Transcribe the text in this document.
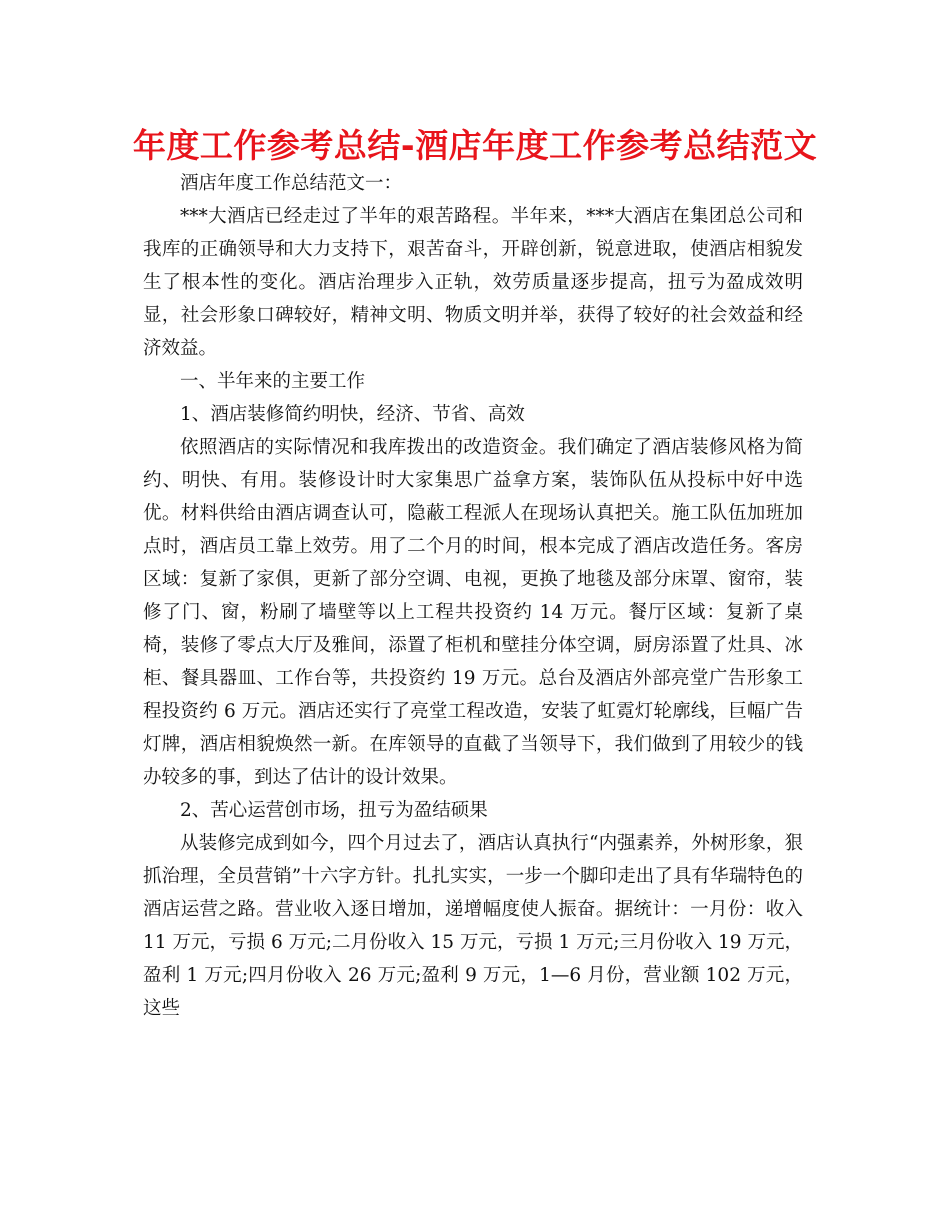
年度工作参考总结-酒店年度工作参考总结范文

酒店年度工作总结范文一：

***大酒店已经走过了半年的艰苦路程。半年来，***大酒店在集团总公司和我库的正确领导和大力支持下，艰苦奋斗，开辟创新，锐意进取，使酒店相貌发生了根本性的变化。酒店治理步入正轨，效劳质量逐步提高，扭亏为盈成效明显，社会形象口碑较好，精神文明、物质文明并举，获得了较好的社会效益和经济效益。

一、半年来的主要工作

1、酒店装修简约明快，经济、节省、高效

依照酒店的实际情况和我库拨出的改造资金。我们确定了酒店装修风格为简约、明快、有用。装修设计时大家集思广益拿方案，装饰队伍从投标中好中选优。材料供给由酒店调查认可，隐蔽工程派人在现场认真把关。施工队伍加班加点时，酒店员工靠上效劳。用了二个月的时间，根本完成了酒店改造任务。客房区域：复新了家俱，更新了部分空调、电视，更换了地毯及部分床罩、窗帘，装修了门、窗，粉刷了墙壁等以上工程共投资约 14 万元。餐厅区域：复新了桌椅，装修了零点大厅及雅间，添置了柜机和壁挂分体空调，厨房添置了灶具、冰柜、餐具器皿、工作台等，共投资约 19 万元。总台及酒店外部亮堂广告形象工程投资约 6 万元。酒店还实行了亮堂工程改造，安装了虹霓灯轮廓线，巨幅广告灯牌，酒店相貌焕然一新。在库领导的直截了当领导下，我们做到了用较少的钱办较多的事，到达了估计的设计效果。

2、苦心运营创市场，扭亏为盈结硕果

从装修完成到如今，四个月过去了，酒店认真执行“内强素养，外树形象，狠抓治理，全员营销”十六字方针。扎扎实实，一步一个脚印走出了具有华瑞特色的酒店运营之路。营业收入逐日增加，递增幅度使人振奋。据统计：一月份：收入 11 万元，亏损 6 万元;二月份收入 15 万元，亏损 1 万元;三月份收入 19 万元，盈利 1 万元;四月份收入 26 万元;盈利 9 万元，1—6 月份，营业额 102 万元，这些
